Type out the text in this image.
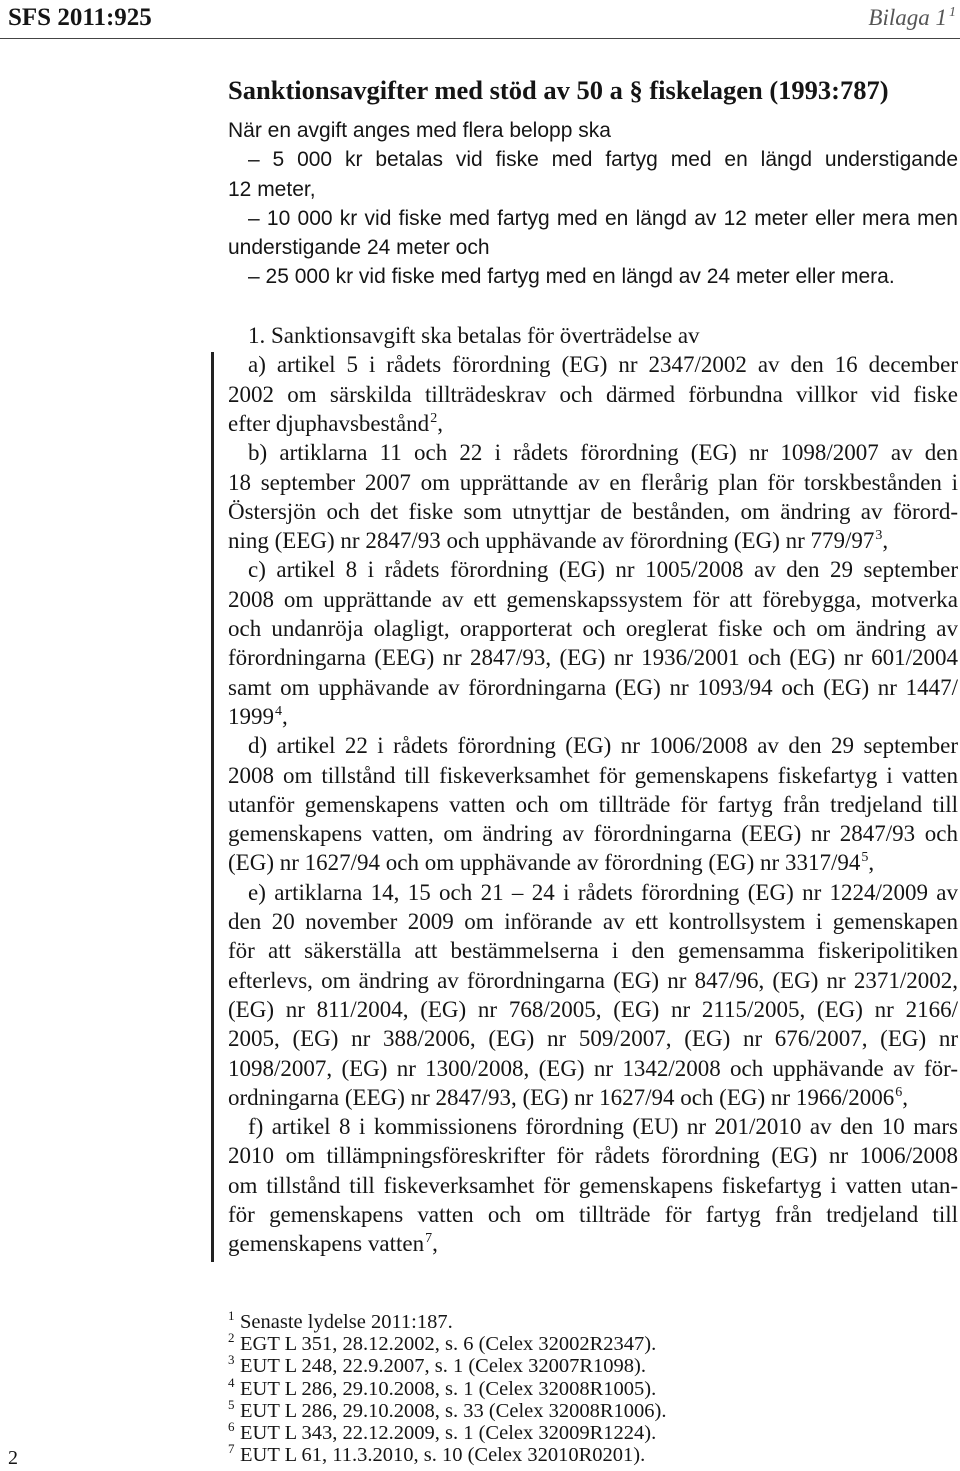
SFS 2011:925	Bilaga 1 $^1$
Sanktionsavgifter med stöd av 50 a § fiskelagen (1993:787)
När en avgift anges med flera belopp ska
– 5 000 kr betalas vid fiske med fartyg med en längd understigande
12 meter,
– 10 000 kr vid fiske med fartyg med en längd av 12 meter eller mera men
understigande 24 meter och
– 25 000 kr vid fiske med fartyg med en längd av 24 meter eller mera.
1. Sanktionsavgift ska betalas för överträdelse av
a) artikel 5 i rådets förordning (EG) nr 2347/2002 av den 16 december
2002 om särskilda tillträdeskrav och därmed förbundna villkor vid fiske
efter djuphavsbestånd$^2$,
b) artiklarna 11 och 22 i rådets förordning (EG) nr 1098/2007 av den
18 september 2007 om upprättande av en flerårig plan för torskbestånden i
Östersjön och det fiske som utnyttjar de bestånden, om ändring av förord-
ning (EEG) nr 2847/93 och upphävande av förordning (EG) nr 779/97$^3$,
c) artikel 8 i rådets förordning (EG) nr 1005/2008 av den 29 september
2008 om upprättande av ett gemenskapssystem för att förebygga, motverka
och undanröja olagligt, orapporterat och oreglerat fiske och om ändring av
förordningarna (EEG) nr 2847/93, (EG) nr 1936/2001 och (EG) nr 601/2004
samt om upphävande av förordningarna (EG) nr 1093/94 och (EG) nr 1447/
1999$^4$,
d) artikel 22 i rådets förordning (EG) nr 1006/2008 av den 29 september
2008 om tillstånd till fiskeverksamhet för gemenskapens fiskefartyg i vatten
utanför gemenskapens vatten och om tillträde för fartyg från tredjeland till
gemenskapens vatten, om ändring av förordningarna (EEG) nr 2847/93 och
(EG) nr 1627/94 och om upphävande av förordning (EG) nr 3317/94$^5$,
e) artiklarna 14, 15 och 21 – 24 i rådets förordning (EG) nr 1224/2009 av
den 20 november 2009 om införande av ett kontrollsystem i gemenskapen
för att säkerställa att bestämmelserna i den gemensamma fiskeripolitiken
efterlevs, om ändring av förordningarna (EG) nr 847/96, (EG) nr 2371/2002,
(EG) nr 811/2004, (EG) nr 768/2005, (EG) nr 2115/2005, (EG) nr 2166/
2005, (EG) nr 388/2006, (EG) nr 509/2007, (EG) nr 676/2007, (EG) nr
1098/2007, (EG) nr 1300/2008, (EG) nr 1342/2008 och upphävande av för-
ordningarna (EEG) nr 2847/93, (EG) nr 1627/94 och (EG) nr 1966/2006$^6$,
f) artikel 8 i kommissionens förordning (EU) nr 201/2010 av den 10 mars
2010 om tillämpningsföreskrifter för rådets förordning (EG) nr 1006/2008
om tillstånd till fiskeverksamhet för gemenskapens fiskefartyg i vatten utan-
för gemenskapens vatten och om tillträde för fartyg från tredjeland till
gemenskapens vatten$^7$,
1 Senaste lydelse 2011:187.
2 EGT L 351, 28.12.2002, s. 6 (Celex 32002R2347).
3 EUT L 248, 22.9.2007, s. 1 (Celex 32007R1098).
4 EUT L 286, 29.10.2008, s. 1 (Celex 32008R1005).
5 EUT L 286, 29.10.2008, s. 33 (Celex 32008R1006).
6 EUT L 343, 22.12.2009, s. 1 (Celex 32009R1224).
7 EUT L 61, 11.3.2010, s. 10 (Celex 32010R0201).
2
